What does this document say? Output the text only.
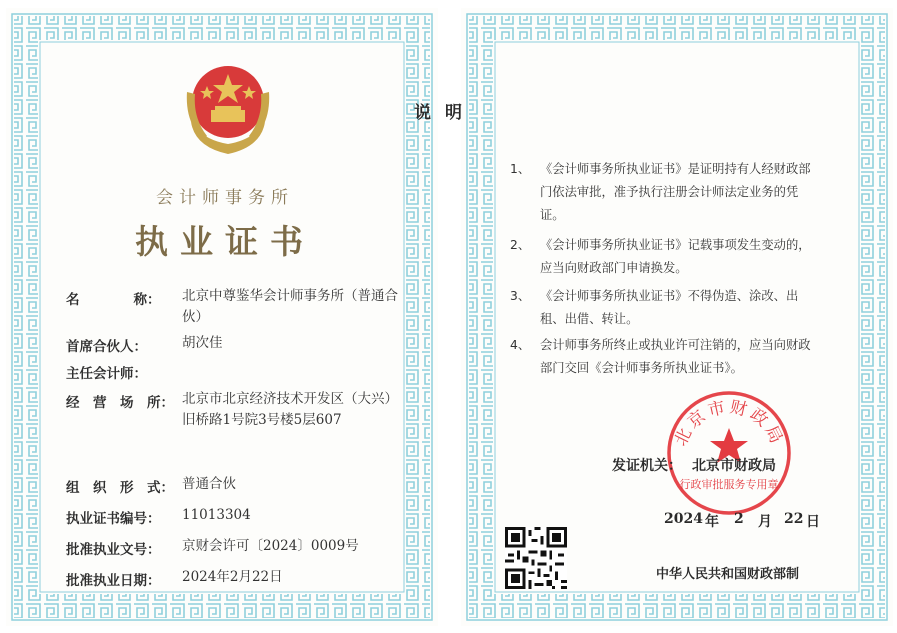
会计师事务所
执业证书
名　　　　称： 北京中尊鉴华会计师事务所（普通合伙）
首席合伙人：	胡次佳
主任会计师：
经　营　场　所： 北京市北京经济技术开发区（大兴）旧桥路1号院3号楼5层607
组　织　形　式： 普通合伙
执业证书编号： 11013304
批准执业文号： 京财会许可〔2024〕0009号
批准执业日期： 2024年2月22日
说明
1、 《会计师事务所执业证书》是证明持有人经财政部门依法审批，准予执行注册会计师法定业务的凭证。
2、 《会计师事务所执业证书》记载事项发生变动的，应当向财政部门申请换发。
3、 《会计师事务所执业证书》不得伪造、涂改、出租、出借、转让。
4、 会计师事务所终止或执业许可注销的，应当向财政部门交回《会计师事务所执业证书》。
北京市财政局
行政审批服务专用章
发证机关： 北京市财政局
2024 年 2 月 22 日
中华人民共和国财政部制
